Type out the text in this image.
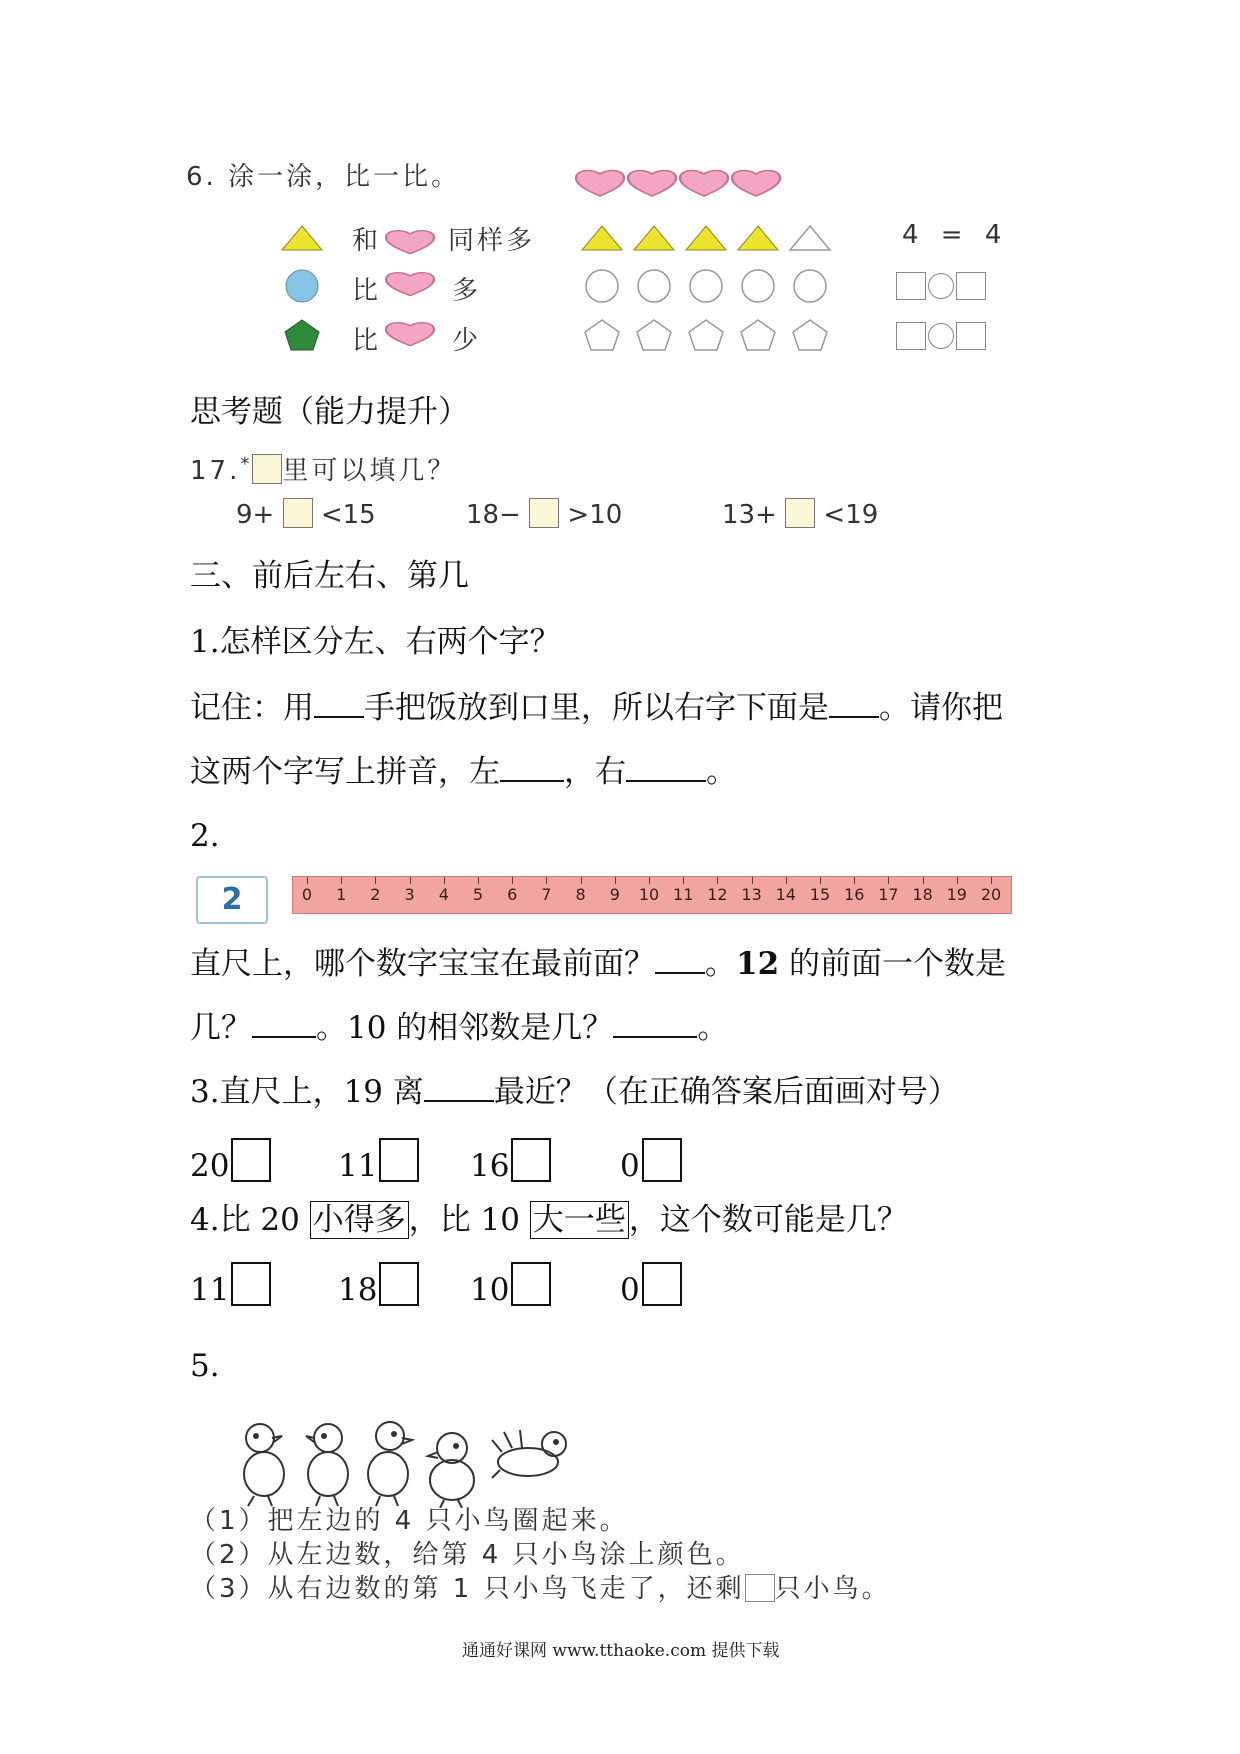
6. 涂一涂，比一比。
和	同样多	4 = 4
比	多
比	少
思考题（能力提升）
17.* 里可以填几？
9+ <15	18− >10	13+ <19
三、前后左右、第几
1.怎样区分左、右两个字？
记住：用 手把饭放到口里，所以右字下面是 。请你把
这两个字写上拼音，左 ，右	。
2.
2	0 1 2 3 4 5 6 7 8 9 10 11 12 13 14 15 16 17 18 19 20
直尺上，哪个数字宝宝在最前面？ 。12 的前面一个数是
几？ 。10 的相邻数是几？	。
3.直尺上，19 离 最近？（在正确答案后面画对号）
20	11	16	0
4.比 20 小得多，比 10 大一些，这个数可能是几？
11	18	10	0
5.
（1）把左边的 4 只小鸟圈起来。
（2）从左边数，给第 4 只小鸟涂上颜色。
（3）从右边数的第 1 只小鸟飞走了，还剩 只小鸟。
通通好课网 www.tthaoke.com 提供下载
